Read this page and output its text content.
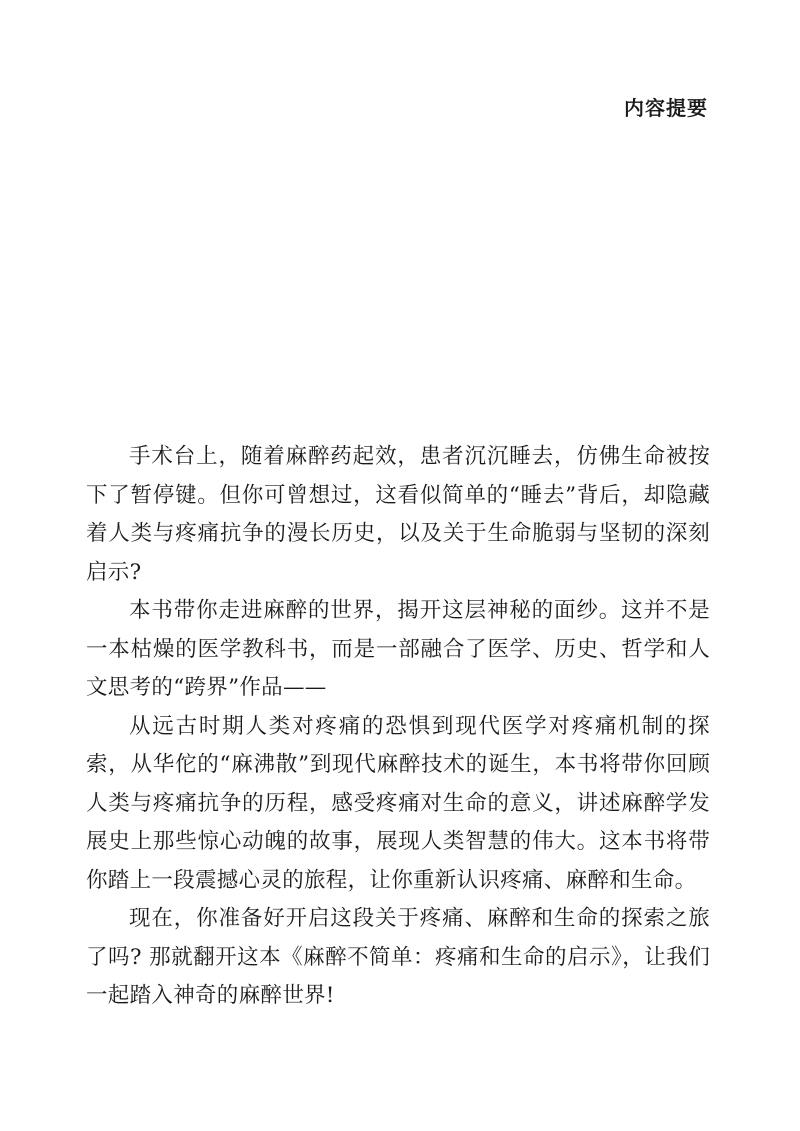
内容提要

手术台上，随着麻醉药起效，患者沉沉睡去，仿佛生命被按下了暂停键。但你可曾想过，这看似简单的“睡去”背后，却隐藏着人类与疼痛抗争的漫长历史，以及关于生命脆弱与坚韧的深刻启示?

本书带你走进麻醉的世界，揭开这层神秘的面纱。这并不是一本枯燥的医学教科书，而是一部融合了医学、历史、哲学和人文思考的“跨界”作品——

从远古时期人类对疼痛的恐惧到现代医学对疼痛机制的探索，从华佗的“麻沸散”到现代麻醉技术的诞生，本书将带你回顾人类与疼痛抗争的历程，感受疼痛对生命的意义，讲述麻醉学发展史上那些惊心动魄的故事，展现人类智慧的伟大。这本书将带你踏上一段震撼心灵的旅程，让你重新认识疼痛、麻醉和生命。

现在，你准备好开启这段关于疼痛、麻醉和生命的探索之旅了吗? 那就翻开这本《麻醉不简单：疼痛和生命的启示》，让我们一起踏入神奇的麻醉世界!
